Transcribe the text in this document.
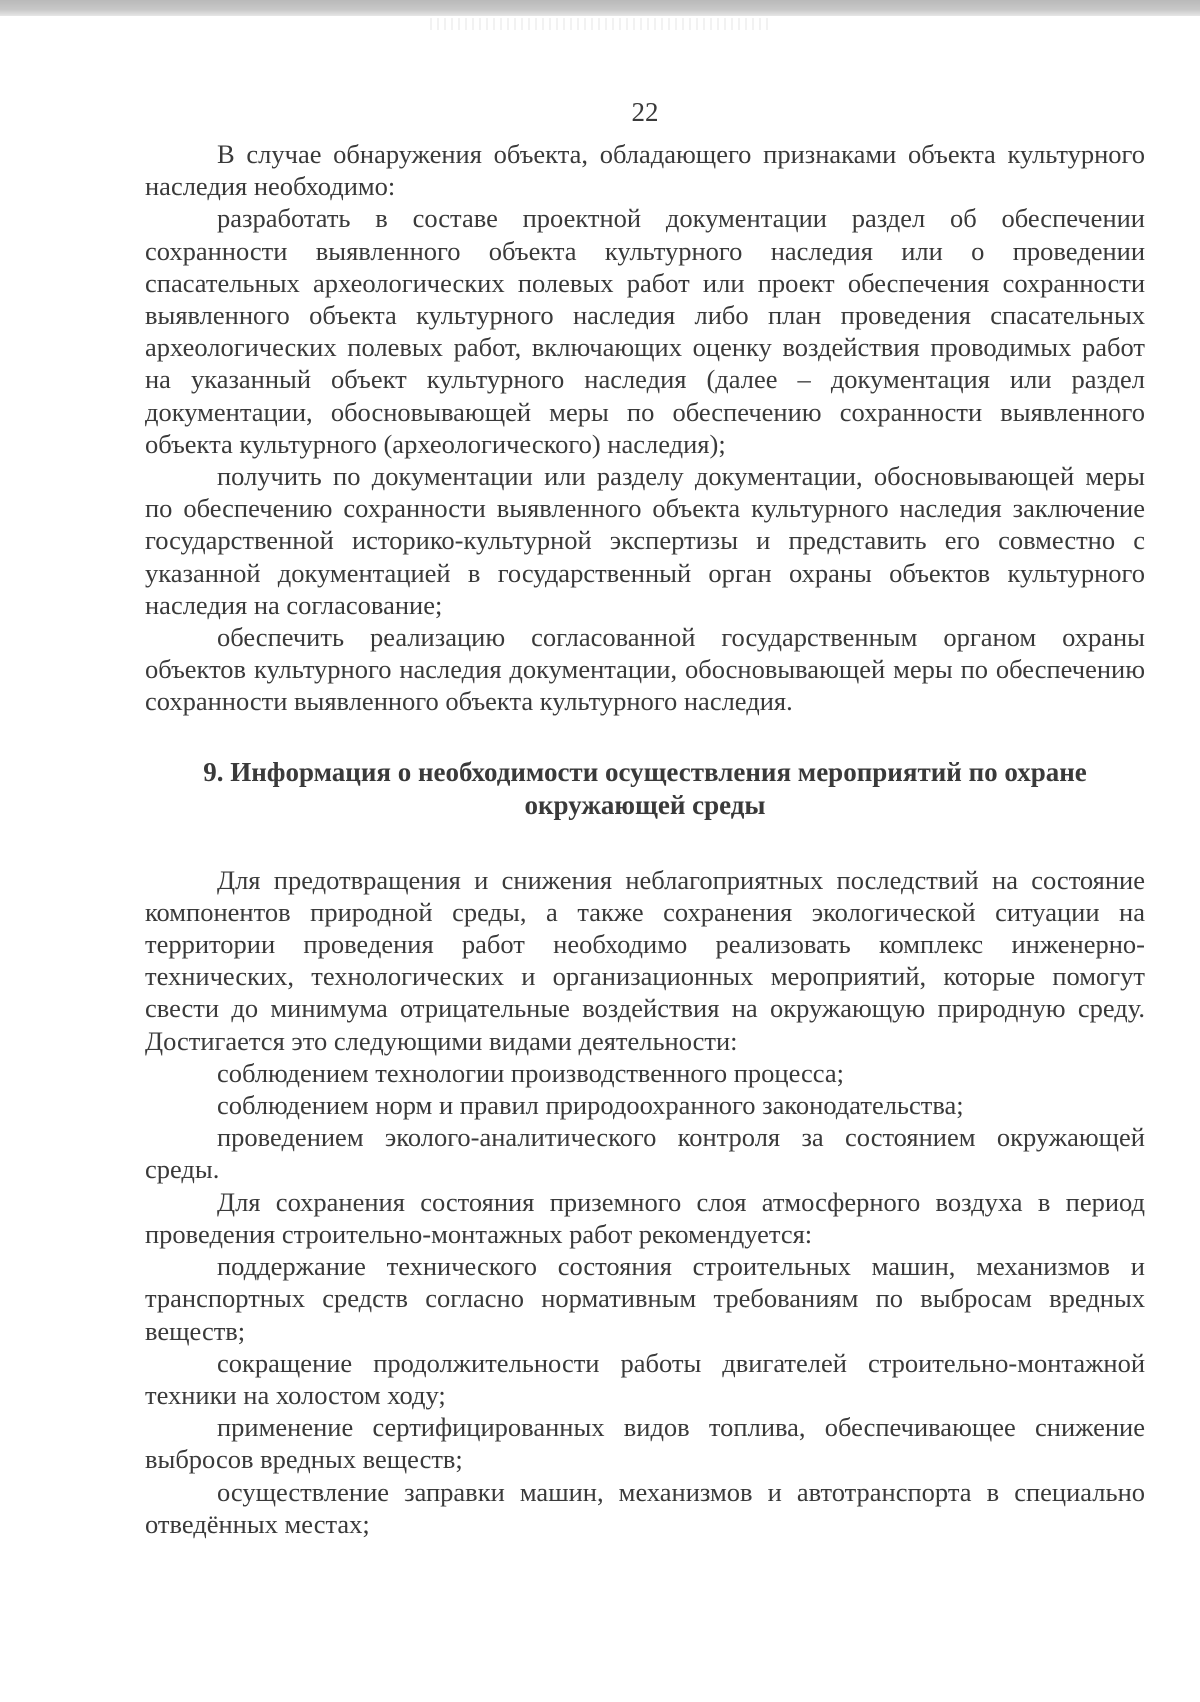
22

В случае обнаружения объекта, обладающего признаками объекта культурного наследия необходимо:

разработать в составе проектной документации раздел об обеспечении сохранности выявленного объекта культурного наследия или о проведении спасательных археологических полевых работ или проект обеспечения сохранности выявленного объекта культурного наследия либо план проведения спасательных археологических полевых работ, включающих оценку воздействия проводимых работ на указанный объект культурного наследия (далее – документация или раздел документации, обосновывающей меры по обеспечению сохранности выявленного объекта культурного (археологического) наследия);

получить по документации или разделу документации, обосновывающей меры по обеспечению сохранности выявленного объекта культурного наследия заключение государственной историко-культурной экспертизы и представить его совместно с указанной документацией в государственный орган охраны объектов культурного наследия на согласование;

обеспечить реализацию согласованной государственным органом охраны объектов культурного наследия документации, обосновывающей меры по обеспечению сохранности выявленного объекта культурного наследия.

9. Информация о необходимости осуществления мероприятий по охране окружающей среды

Для предотвращения и снижения неблагоприятных последствий на состояние компонентов природной среды, а также сохранения экологической ситуации на территории проведения работ необходимо реализовать комплекс инженерно-технических, технологических и организационных мероприятий, которые помогут свести до минимума отрицательные воздействия на окружающую природную среду. Достигается это следующими видами деятельности:

соблюдением технологии производственного процесса;

соблюдением норм и правил природоохранного законодательства;

проведением эколого-аналитического контроля за состоянием окружающей среды.

Для сохранения состояния приземного слоя атмосферного воздуха в период проведения строительно-монтажных работ рекомендуется:

поддержание технического состояния строительных машин, механизмов и транспортных средств согласно нормативным требованиям по выбросам вредных веществ;

сокращение продолжительности работы двигателей строительно-монтажной техники на холостом ходу;

применение сертифицированных видов топлива, обеспечивающее снижение выбросов вредных веществ;

осуществление заправки машин, механизмов и автотранспорта в специально отведённых местах;
